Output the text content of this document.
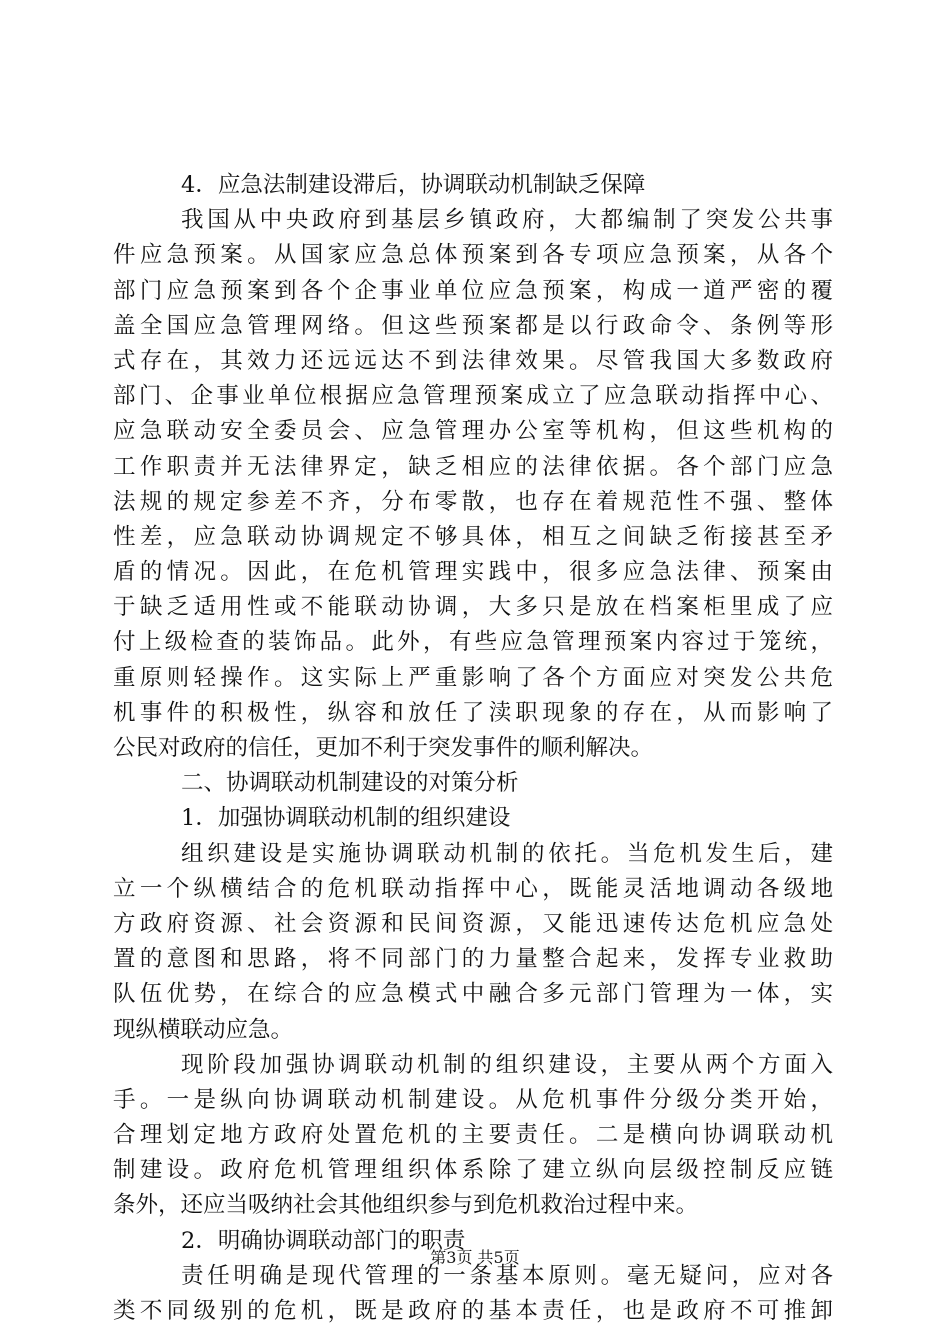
4．应急法制建设滞后，协调联动机制缺乏保障
我国从中央政府到基层乡镇政府，大都编制了突发公共事
件应急预案。从国家应急总体预案到各专项应急预案，从各个
部门应急预案到各个企事业单位应急预案，构成一道严密的覆
盖全国应急管理网络。但这些预案都是以行政命令、条例等形
式存在，其效力还远远达不到法律效果。尽管我国大多数政府
部门、企事业单位根据应急管理预案成立了应急联动指挥中心、
应急联动安全委员会、应急管理办公室等机构，但这些机构的
工作职责并无法律界定，缺乏相应的法律依据。各个部门应急
法规的规定参差不齐，分布零散，也存在着规范性不强、整体
性差，应急联动协调规定不够具体，相互之间缺乏衔接甚至矛
盾的情况。因此，在危机管理实践中，很多应急法律、预案由
于缺乏适用性或不能联动协调，大多只是放在档案柜里成了应
付上级检查的装饰品。此外，有些应急管理预案内容过于笼统，
重原则轻操作。这实际上严重影响了各个方面应对突发公共危
机事件的积极性，纵容和放任了渎职现象的存在，从而影响了
公民对政府的信任，更加不利于突发事件的顺利解决。
二、协调联动机制建设的对策分析
1．加强协调联动机制的组织建设
组织建设是实施协调联动机制的依托。当危机发生后，建
立一个纵横结合的危机联动指挥中心，既能灵活地调动各级地
方政府资源、社会资源和民间资源，又能迅速传达危机应急处
置的意图和思路，将不同部门的力量整合起来，发挥专业救助
队伍优势，在综合的应急模式中融合多元部门管理为一体，实
现纵横联动应急。
现阶段加强协调联动机制的组织建设，主要从两个方面入
手。一是纵向协调联动机制建设。从危机事件分级分类开始，
合理划定地方政府处置危机的主要责任。二是横向协调联动机
制建设。政府危机管理组织体系除了建立纵向层级控制反应链
条外，还应当吸纳社会其他组织参与到危机救治过程中来。
2．明确协调联动部门的职责
责任明确是现代管理的一条基本原则。毫无疑问，应对各
类不同级别的危机，既是政府的基本责任，也是政府不可推卸
第3页 共5页
